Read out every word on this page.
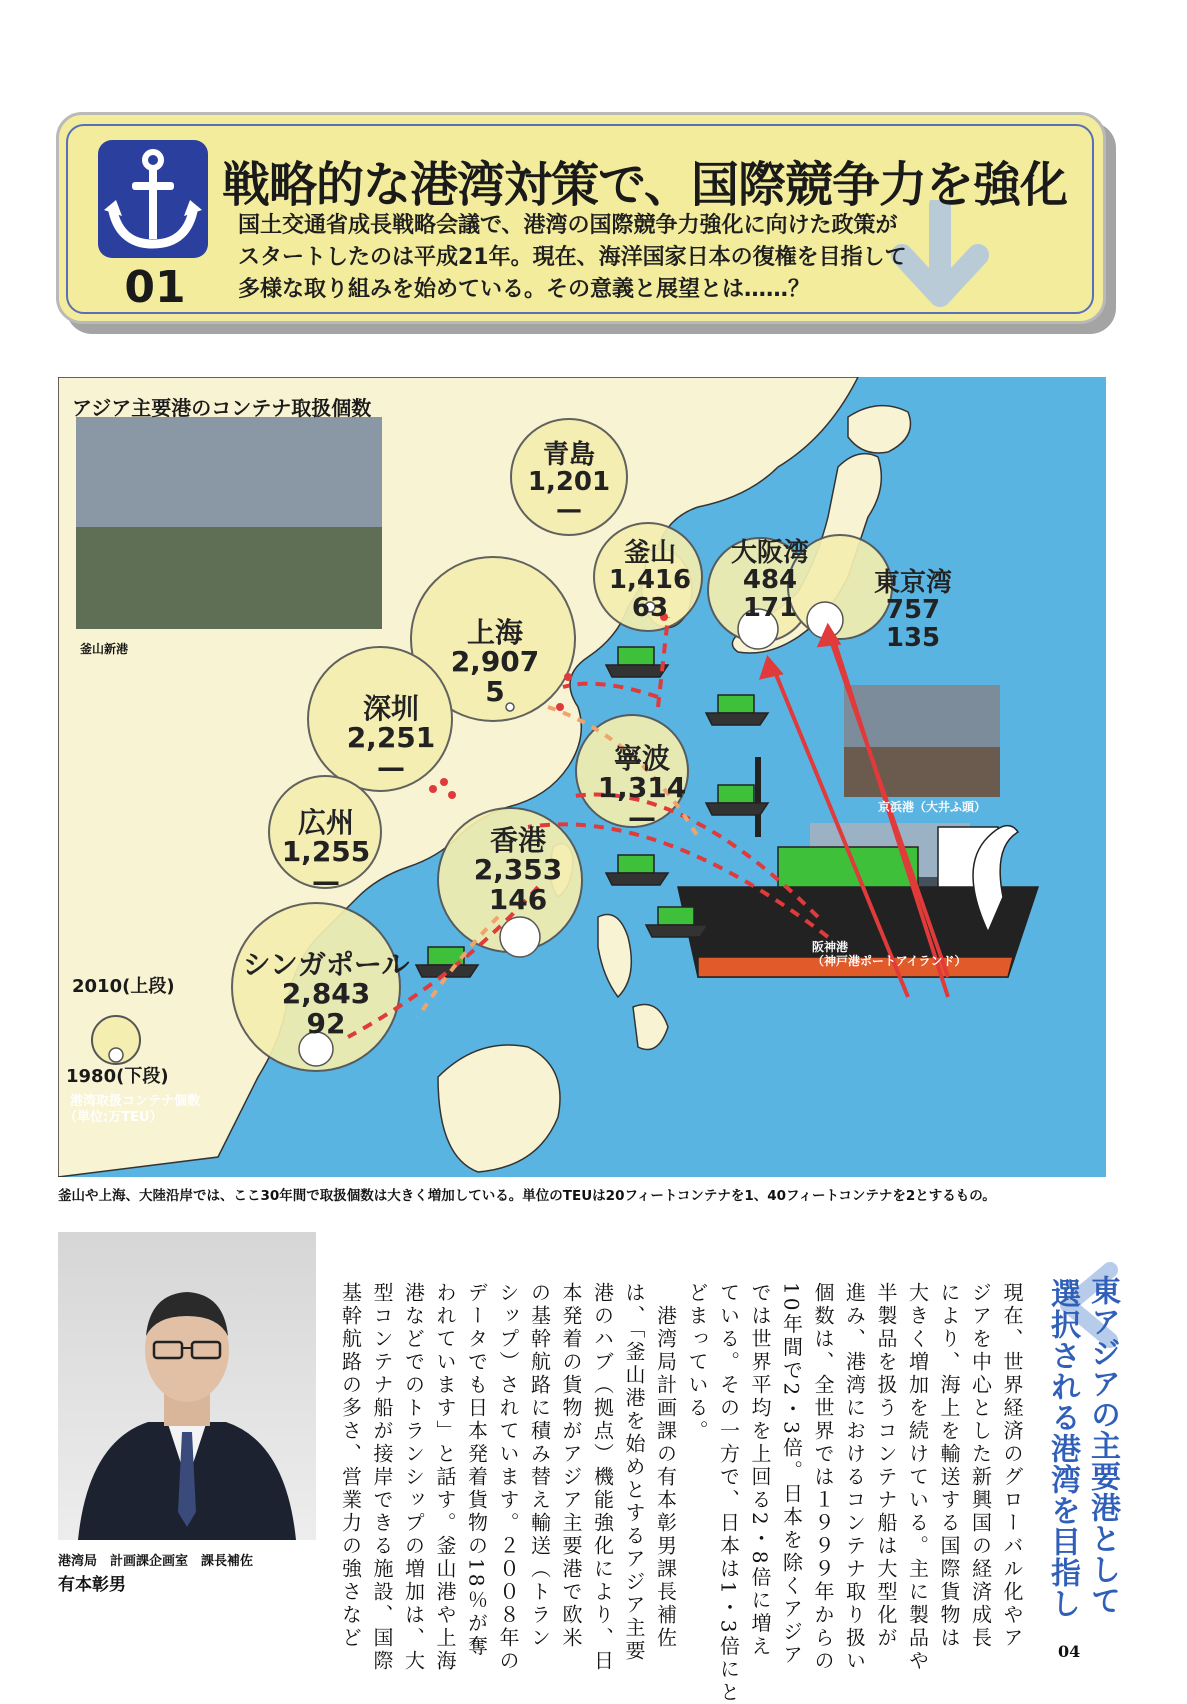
01
戦略的な港湾対策で、国際競争力を強化
国土交通省成長戦略会議で、港湾の国際競争力強化に向けた政策が
スタートしたのは平成21年。現在、海洋国家日本の復権を目指して
多様な取り組みを始めている。その意義と展望とは……？
アジア主要港のコンテナ取扱個数
青島
1,201
—
釜山
1,416
63
大阪湾
484
171
東京湾
757
135
上海
2,907
5
深圳
2,251
—	寧波
1,314
—
広州
1,255
—
香港
2,353
146
シンガポール
2,843
92
釜山新港
京浜港（大井ふ頭）
阪神港
（神戸港ポートアイランド）
2010(上段)
1980(下段)
港湾取扱コンテナ個数
（単位:万TEU）
釜山や上海、大陸沿岸では、ここ30年間で取扱個数は大きく増加している。単位のTEUは20フィートコンテナを1、40フィートコンテナを2とするもの。
港湾局　計画課企画室　課長補佐
有本彰男	東アジアの主要港として
選択される港湾を目指し
現在、世界経済のグローバル化やア
ジアを中心とした新興国の経済成長
により、海上を輸送する国際貨物は
大きく増加を続けている。主に製品や
半製品を扱うコンテナ船は大型化が
進み、港湾におけるコンテナ取り扱い
個数は、全世界では１９９９年からの
10年間で2・3倍。日本を除くアジア
では世界平均を上回る2・8倍に増え
ている。その一方で、日本は1・3倍にと
どまっている。
　港湾局計画課の有本彰男課長補佐
は、「釜山港を始めとするアジア主要
港のハブ（拠点）機能強化により、日
本発着の貨物がアジア主要港で欧米
の基幹航路に積み替え輸送（トラン
シップ）されています。２００８年の
データでも日本発着貨物の18％が奪
われています」と話す。釜山港や上海
港などでのトランシップの増加は、大
型コンテナ船が接岸できる施設、国際
基幹航路の多さ、営業力の強さなど
04
